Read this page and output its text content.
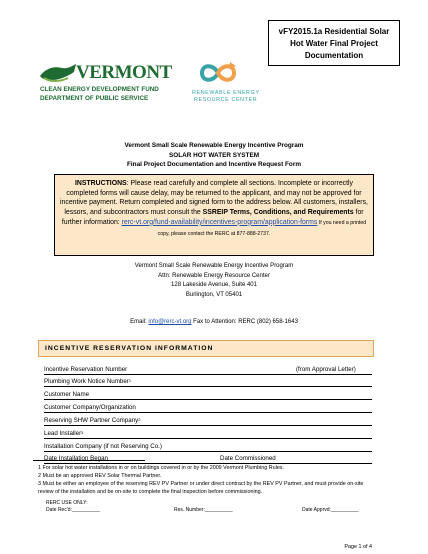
vFY2015.1a Residential Solar
Hot Water Final Project
Documentation
VERMONT
CLEAN ENERGY DEVELOPMENT FUND
DEPARTMENT OF PUBLIC SERVICE
RENEWABLE ENERGY
RESOURCE CENTER
Vermont Small Scale Renewable Energy Incentive Program
SOLAR HOT WATER SYSTEM
Final Project Documentation and Incentive Request Form
INSTRUCTIONS: Please read carefully and complete all sections. Incomplete or incorrectly completed forms will cause delay, may be returned to the applicant, and may not be approved for incentive payment. Return completed and signed form to the address below. All customers, installers, lessors, and subcontractors must consult the SSREIP Terms, Conditions, and Requirements for further information: rerc-vt.org/fund-availability/incentives-program/application-forms If you need a printed copy, please contact the RERC at 877-888-2737.
Vermont Small Scale Renewable Energy Incentive Program
Attn: Renewable Energy Resource Center
128 Lakeside Avenue, Suite 401
Burlington, VT 05401
Email: info@rerc-vt.org Fax to Attention: RERC (802) 658-1643
INCENTIVE RESERVATION INFORMATION
Incentive Reservation Number	(from Approval Letter)
Plumbing Work Notice Number$^1$
Customer Name
Customer Company/Organization
Reserving SHW Partner Company$^2$
Lead Installer$^3$
Installation Company (if not Reserving Co.)
Date Installation Began	Date Commissioned
1 For solar hot water installations in or on buildings covered in or by the 2009 Vermont Plumbing Rules.
2 Must be an approved REV Solar Thermal Partner.
3 Must be either an employee of the reserving REV PV Partner or under direct contract by the REV PV Partner, and must provide on-site review of the installation and be on-site to complete the final inspection before commissioning.
RERC USE ONLY:
Date Rec'd:__________	Res. Number:__________	Date Apprvd:__________
Page 1 of 4
